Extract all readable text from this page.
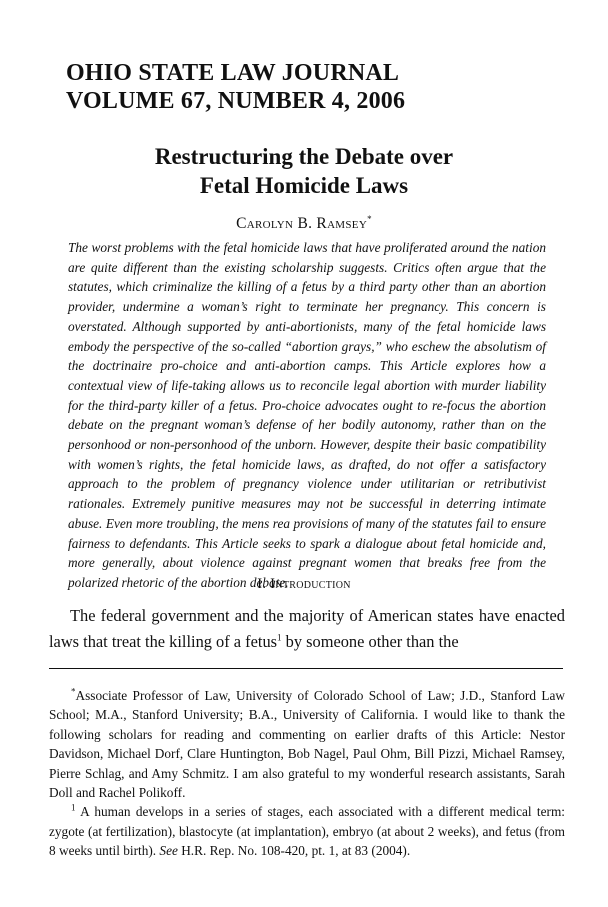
OHIO STATE LAW JOURNAL
VOLUME 67, NUMBER 4, 2006
Restructuring the Debate over
Fetal Homicide Laws
Carolyn B. Ramsey*

The worst problems with the fetal homicide laws that have proliferated around the nation are quite different than the existing scholarship suggests. Critics often argue that the statutes, which criminalize the killing of a fetus by a third party other than an abortion provider, undermine a woman’s right to terminate her pregnancy. This concern is overstated. Although supported by anti-abortionists, many of the fetal homicide laws embody the perspective of the so-called “abortion grays,” who eschew the absolutism of the doctrinaire pro-choice and anti-abortion camps. This Article explores how a contextual view of life-taking allows us to reconcile legal abortion with murder liability for the third-party killer of a fetus. Pro-choice advocates ought to re-focus the abortion debate on the pregnant woman’s defense of her bodily autonomy, rather than on the personhood or non-personhood of the unborn. However, despite their basic compatibility with women’s rights, the fetal homicide laws, as drafted, do not offer a satisfactory approach to the problem of pregnancy violence under utilitarian or retributivist rationales. Extremely punitive measures may not be successful in deterring intimate abuse. Even more troubling, the mens rea provisions of many of the statutes fail to ensure fairness to defendants. This Article seeks to spark a dialogue about fetal homicide and, more generally, about violence against pregnant women that breaks free from the polarized rhetoric of the abortion debate.

I. Introduction

The federal government and the majority of American states have enacted laws that treat the killing of a fetus$^1$ by someone other than the

*Associate Professor of Law, University of Colorado School of Law; J.D., Stanford Law School; M.A., Stanford University; B.A., University of California. I would like to thank the following scholars for reading and commenting on earlier drafts of this Article: Nestor Davidson, Michael Dorf, Clare Huntington, Bob Nagel, Paul Ohm, Bill Pizzi, Michael Ramsey, Pierre Schlag, and Amy Schmitz. I am also grateful to my wonderful research assistants, Sarah Doll and Rachel Polikoff.

$^1$ A human develops in a series of stages, each associated with a different medical term: zygote (at fertilization), blastocyte (at implantation), embryo (at about 2 weeks), and fetus (from 8 weeks until birth). See H.R. Rep. No. 108-420, pt. 1, at 83 (2004).
